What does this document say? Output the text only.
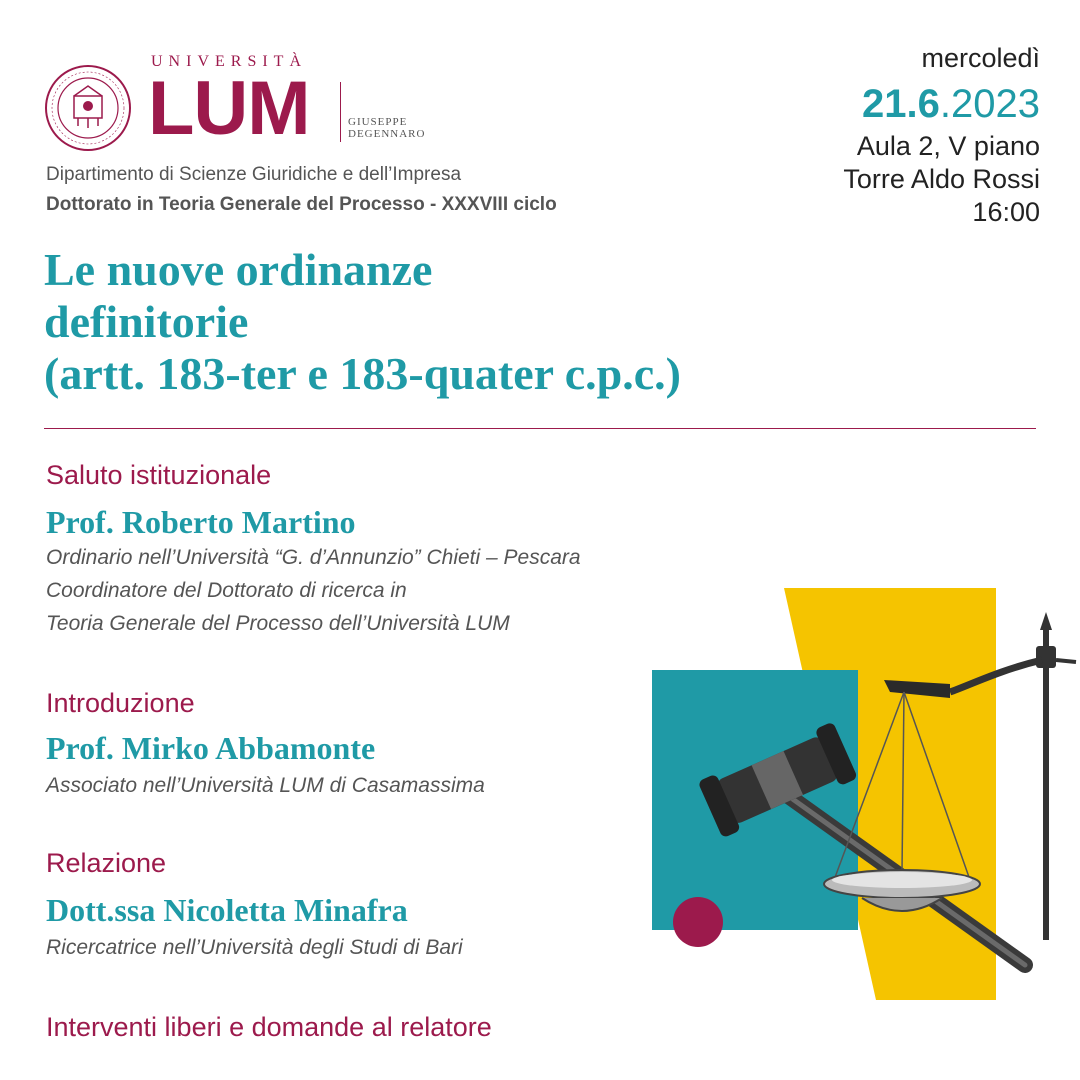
UNIVERSITÀ
LUM	GIUSEPPE
DEGENNARO
Dipartimento di Scienze Giuridiche e dell’Impresa
Dottorato in Teoria Generale del Processo - XXXVIII ciclo
mercoledì
21.6.2023
Aula 2, V piano
Torre Aldo Rossi
16:00
Le nuove ordinanze
definitorie
(artt. 183-ter e 183-quater c.p.c.)
Saluto istituzionale
Prof. Roberto Martino
Ordinario nell’Università “G. d’Annunzio” Chieti – Pescara
Coordinatore del Dottorato di ricerca in
Teoria Generale del Processo dell’Università LUM
Introduzione
Prof. Mirko Abbamonte
Associato nell’Università LUM di Casamassima
Relazione
Dott.ssa Nicoletta Minafra
Ricercatrice nell’Università degli Studi di Bari
Interventi liberi e domande al relatore
